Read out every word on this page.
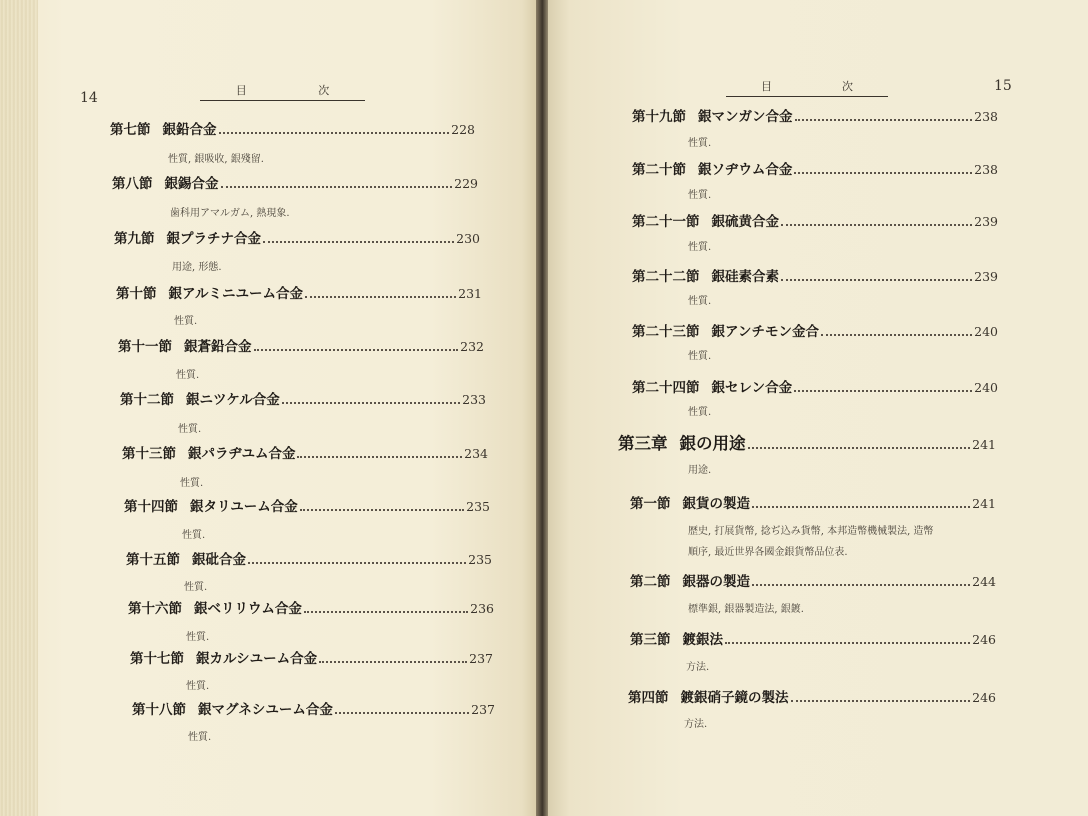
14	目	次
第七節 銀鉛合金	228
性質, 銀吸收, 銀殘留.
第八節 銀錫合金	229
歯科用アマルガム, 熱現象.
第九節 銀プラチナ合金	230
用途, 形態.
第十節 銀アルミニユーム合金	231
性質.
第十一節 銀蒼鉛合金	232
性質.
第十二節 銀ニツケル合金	233
性質.
第十三節 銀パラヂユム合金	234
性質.
第十四節 銀タリユーム合金	235
性質.
第十五節 銀砒合金	235
性質.
第十六節 銀ベリリウム合金	236
性質.
第十七節 銀カルシユーム合金	237
性質.
第十八節 銀マグネシユーム合金	237
性質.
15
目	次
第十九節 銀マンガン合金	238
性質.
第二十節 銀ソヂウム合金	238
性質.
第二十一節 銀硫黄合金	239
性質.
第二十二節 銀硅素合素	239
性質.
第二十三節 銀アンチモン金合	240
性質.
第二十四節 銀セレン合金	240
性質.
第三章 銀の用途	241
用途.
第一節 銀貨の製造	241
歴史, 打展貨幣, 捻ぢ込み貨幣, 本邦造幣機械製法, 造幣
順序, 最近世界各國金銀貨幣品位表.
第二節 銀器の製造	244
標準銀, 銀器製造法, 銀鍍.
第三節 鍍銀法	246
方法.
第四節 鍍銀硝子鏡の製法	246
方法.
